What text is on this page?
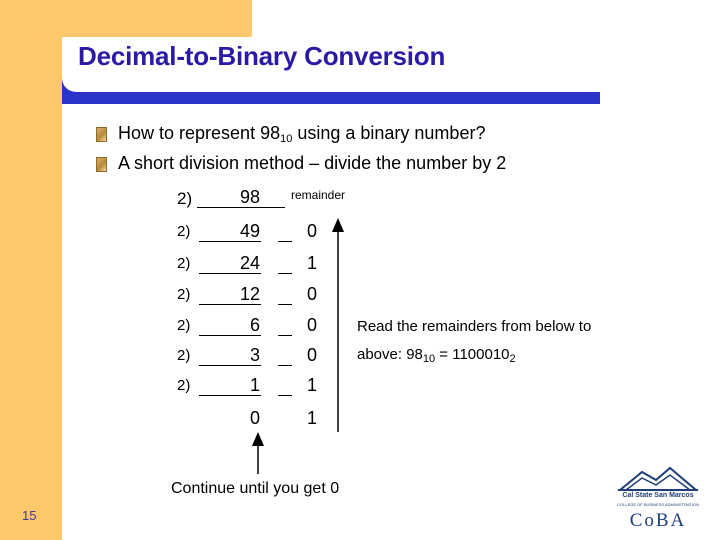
Decimal-to-Binary Conversion
How to represent $98_{10}$ using a binary number?
A short division method – divide the number by 2
2)	98
2)	49	0
2)	24	1
2)	12	0
2)	6	0
2)	3	0
2)	1	1
0	1
remainder
Read the remainders from below to
above: $98_{10} = 1100010_2$
Continue until you get 0
15
Cal State San Marcos
COLLEGE OF BUSINESS ADMINISTRATION
CoBA
